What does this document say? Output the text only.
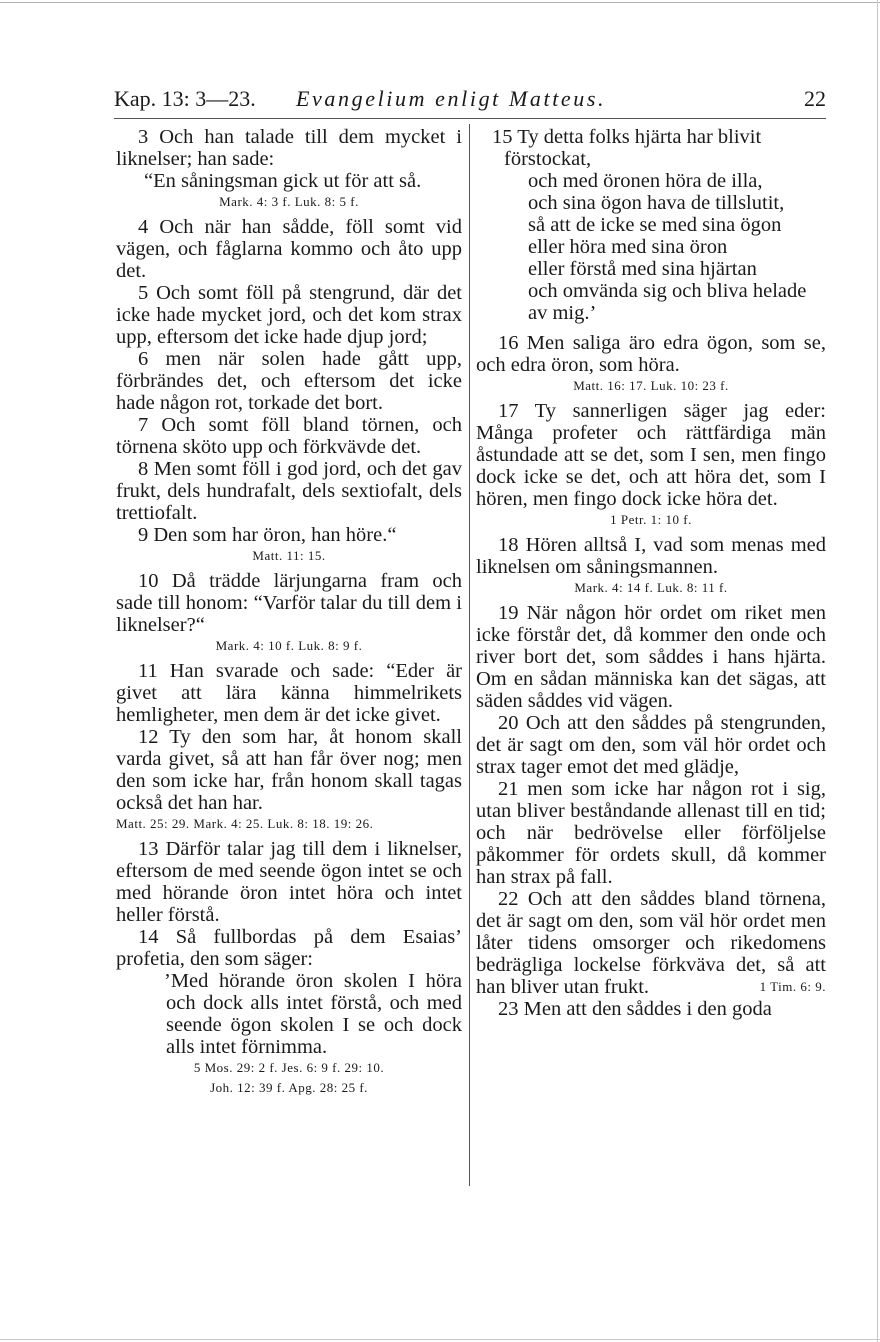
Kap. 13: 3—23. Evangelium enligt Matteus.	22

3 Och han talade till dem mycket i liknelser; han sade:

“En såningsman gick ut för att så.

Mark. 4: 3 f. Luk. 8: 5 f.

4 Och när han sådde, föll somt vid vägen, och fåglarna kommo och åto upp det.

5 Och somt föll på stengrund, där det icke hade mycket jord, och det kom strax upp, eftersom det icke hade djup jord;

6 men när solen hade gått upp, förbrändes det, och eftersom det icke hade någon rot, torkade det bort.

7 Och somt föll bland törnen, och törnena sköto upp och förkvävde det.

8 Men somt föll i god jord, och det gav frukt, dels hundrafalt, dels sextiofalt, dels trettiofalt.

9 Den som har öron, han höre.“

Matt. 11: 15.

10 Då trädde lärjungarna fram och sade till honom: “Varför talar du till dem i liknelser?“

Mark. 4: 10 f. Luk. 8: 9 f.

11 Han svarade och sade: “Eder är givet att lära känna himmelrikets hemligheter, men dem är det icke givet.

12 Ty den som har, åt honom skall varda givet, så att han får över nog; men den som icke har, från honom skall tagas också det han har.

Matt. 25: 29. Mark. 4: 25. Luk. 8: 18. 19: 26.

13 Därför talar jag till dem i liknelser, eftersom de med seende ögon intet se och med hörande öron intet höra och intet heller förstå.

14 Så fullbordas på dem Esaias’ profetia, den som säger:

’Med hörande öron skolen I höra och dock alls intet förstå, och med seende ögon skolen I se och dock alls intet förnimma.

5 Mos. 29: 2 f. Jes. 6: 9 f. 29: 10.

Joh. 12: 39 f. Apg. 28: 25 f.

15 Ty detta folks hjärta har blivit förstockat,

och med öronen höra de illa,

och sina ögon hava de tillslutit,

så att de icke se med sina ögon

eller höra med sina öron

eller förstå med sina hjärtan

och omvända sig och bliva helade av mig.’

16 Men saliga äro edra ögon, som se, och edra öron, som höra.

Matt. 16: 17. Luk. 10: 23 f.

17 Ty sannerligen säger jag eder: Många profeter och rättfärdiga män åstundade att se det, som I sen, men fingo dock icke se det, och att höra det, som I hören, men fingo dock icke höra det.

1 Petr. 1: 10 f.

18 Hören alltså I, vad som menas med liknelsen om såningsmannen.

Mark. 4: 14 f. Luk. 8: 11 f.

19 När någon hör ordet om riket men icke förstår det, då kommer den onde och river bort det, som såddes i hans hjärta. Om en sådan människa kan det sägas, att säden såddes vid vägen.

20 Och att den såddes på stengrunden, det är sagt om den, som väl hör ordet och strax tager emot det med glädje,

21 men som icke har någon rot i sig, utan bliver beståndande allenast till en tid; och när bedrövelse eller förföljelse påkommer för ordets skull, då kommer han strax på fall.

22 Och att den såddes bland törnena, det är sagt om den, som väl hör ordet men låter tidens omsorger och rikedomens bedrägliga lockelse förkväva det, så att han bliver utan frukt.	1 Tim. 6: 9.

23 Men att den såddes i den goda
